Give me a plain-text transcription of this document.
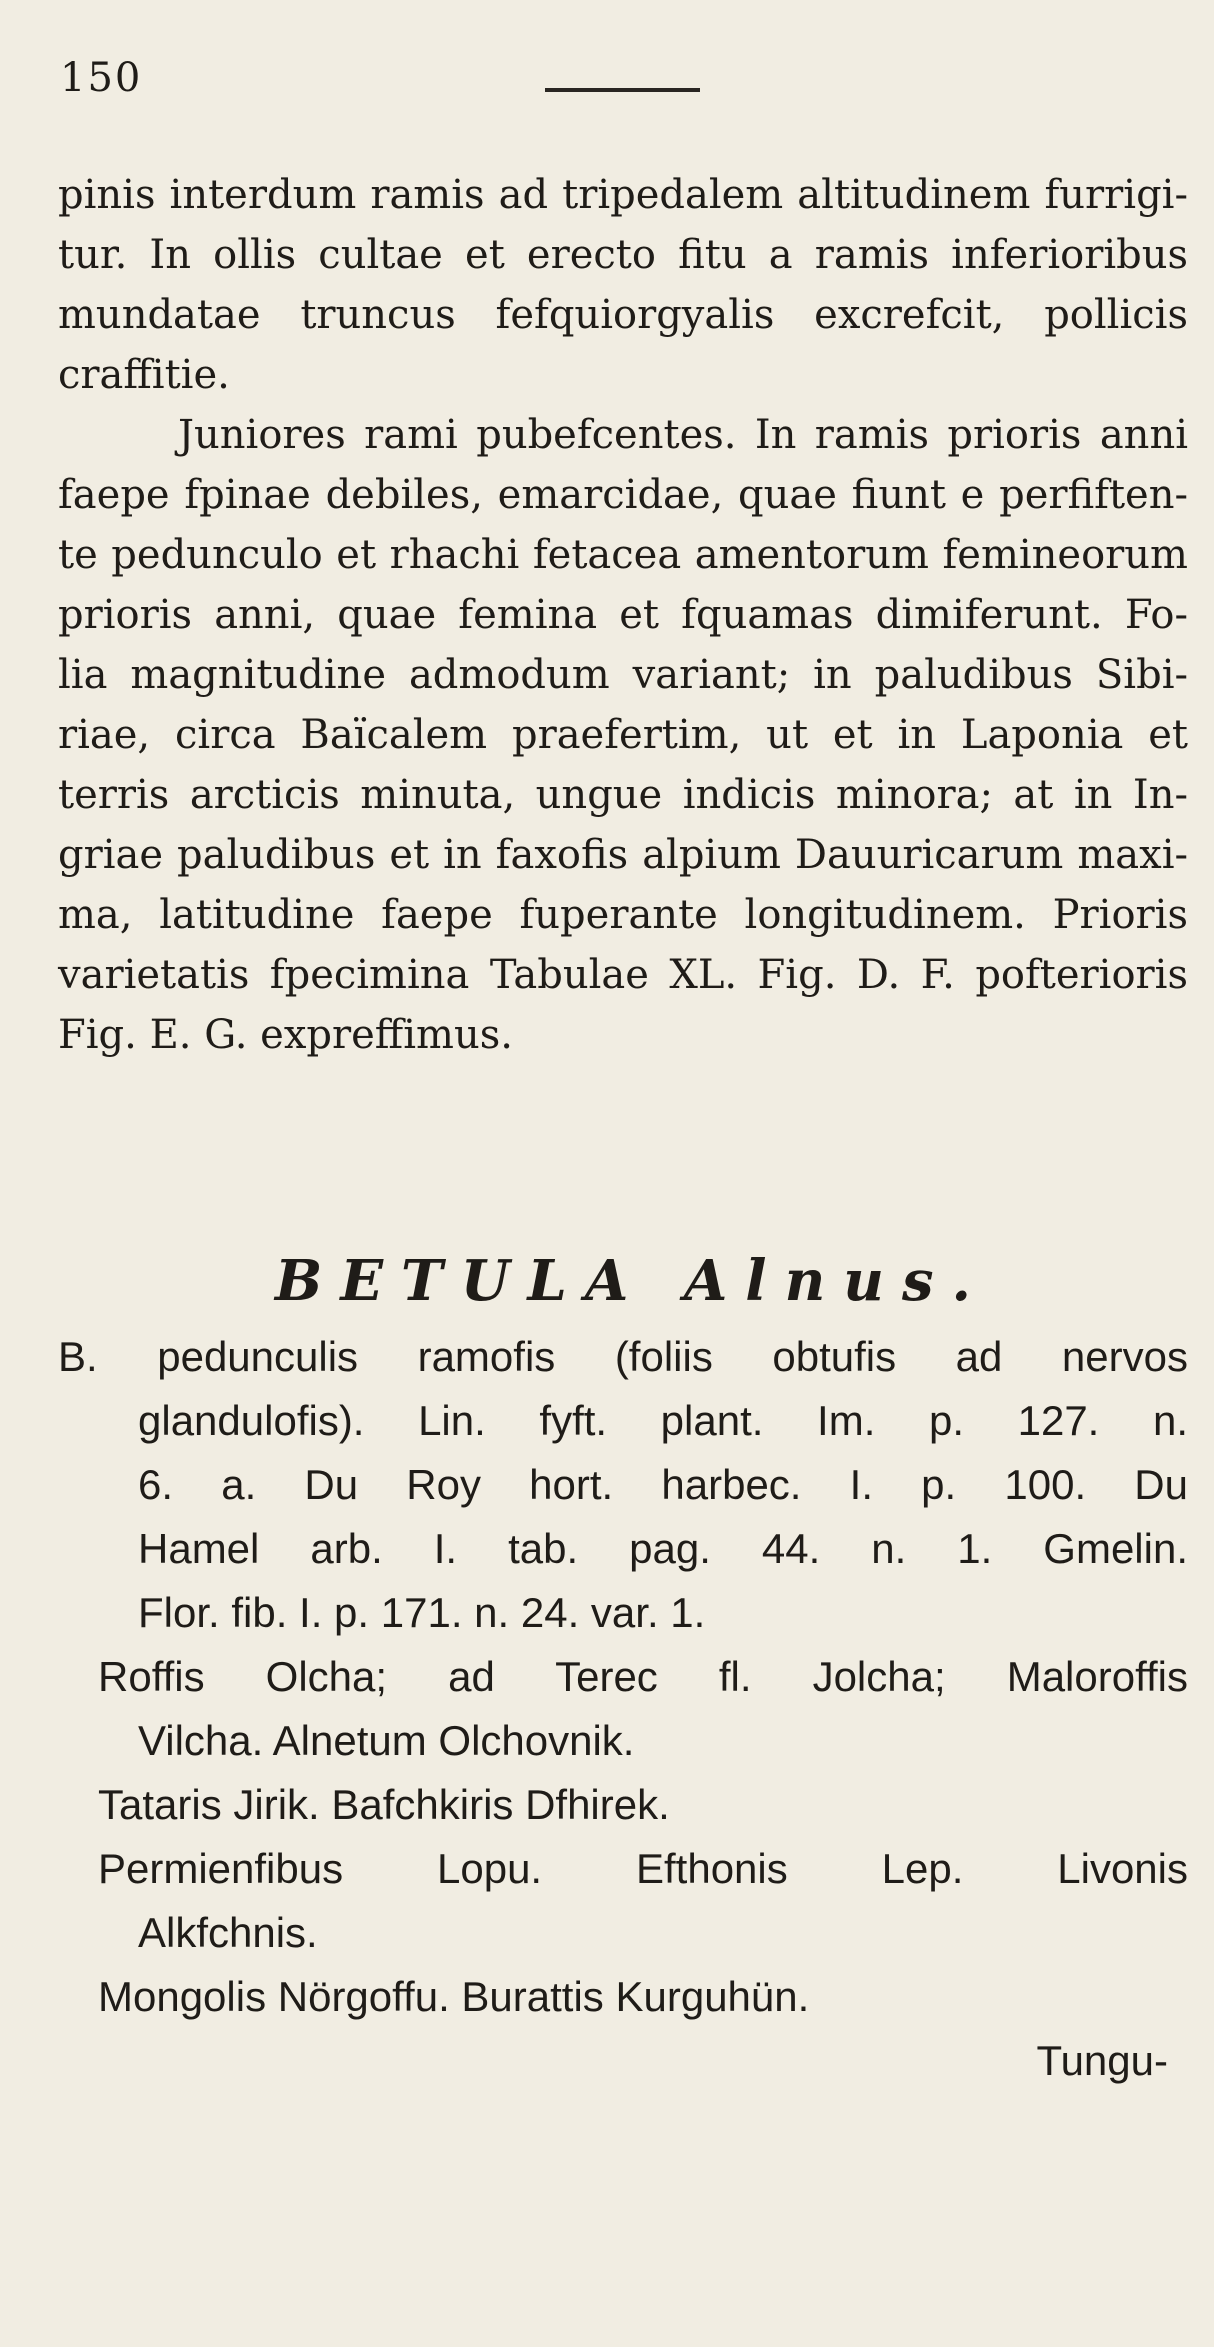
150
pinis interdum ramis ad tripedalem altitudinem furrigi-
tur. In ollis cultae et erecto fitu a ramis inferioribus
mundatae truncus fefquiorgyalis excrefcit, pollicis
craffitie.
Juniores rami pubefcentes. In ramis prioris anni
faepe fpinae debiles, emarcidae, quae fiunt e perfiften-
te pedunculo et rhachi fetacea amentorum femineorum
prioris anni, quae femina et fquamas dimiferunt. Fo-
lia magnitudine admodum variant; in paludibus Sibi-
riae, circa Baïcalem praefertim, ut et in Laponia et
terris arcticis minuta, ungue indicis minora; at in In-
griae paludibus et in faxofis alpium Dauuricarum maxi-
ma, latitudine faepe fuperante longitudinem. Prioris
varietatis fpecimina Tabulae XL. Fig. D. F. pofterioris
Fig. E. G. expreffimus.
BETULA Alnus.
B. pedunculis ramofis (foliis obtufis ad nervos
glandulofis). Lin. fyft. plant. Im. p. 127. n.
6. a. Du Roy hort. harbec. I. p. 100. Du
Hamel arb. I. tab. pag. 44. n. 1. Gmelin.
Flor. fib. I. p. 171. n. 24. var. 1.
Roffis Olcha; ad Terec fl. Jolcha; Maloroffis
Vilcha. Alnetum Olchovnik.
Tataris Jirik. Bafchkiris Dfhirek.
Permienfibus Lopu. Efthonis Lep. Livonis
Alkfchnis.
Mongolis Nörgoffu. Burattis Kurguhün.
Tungu-
